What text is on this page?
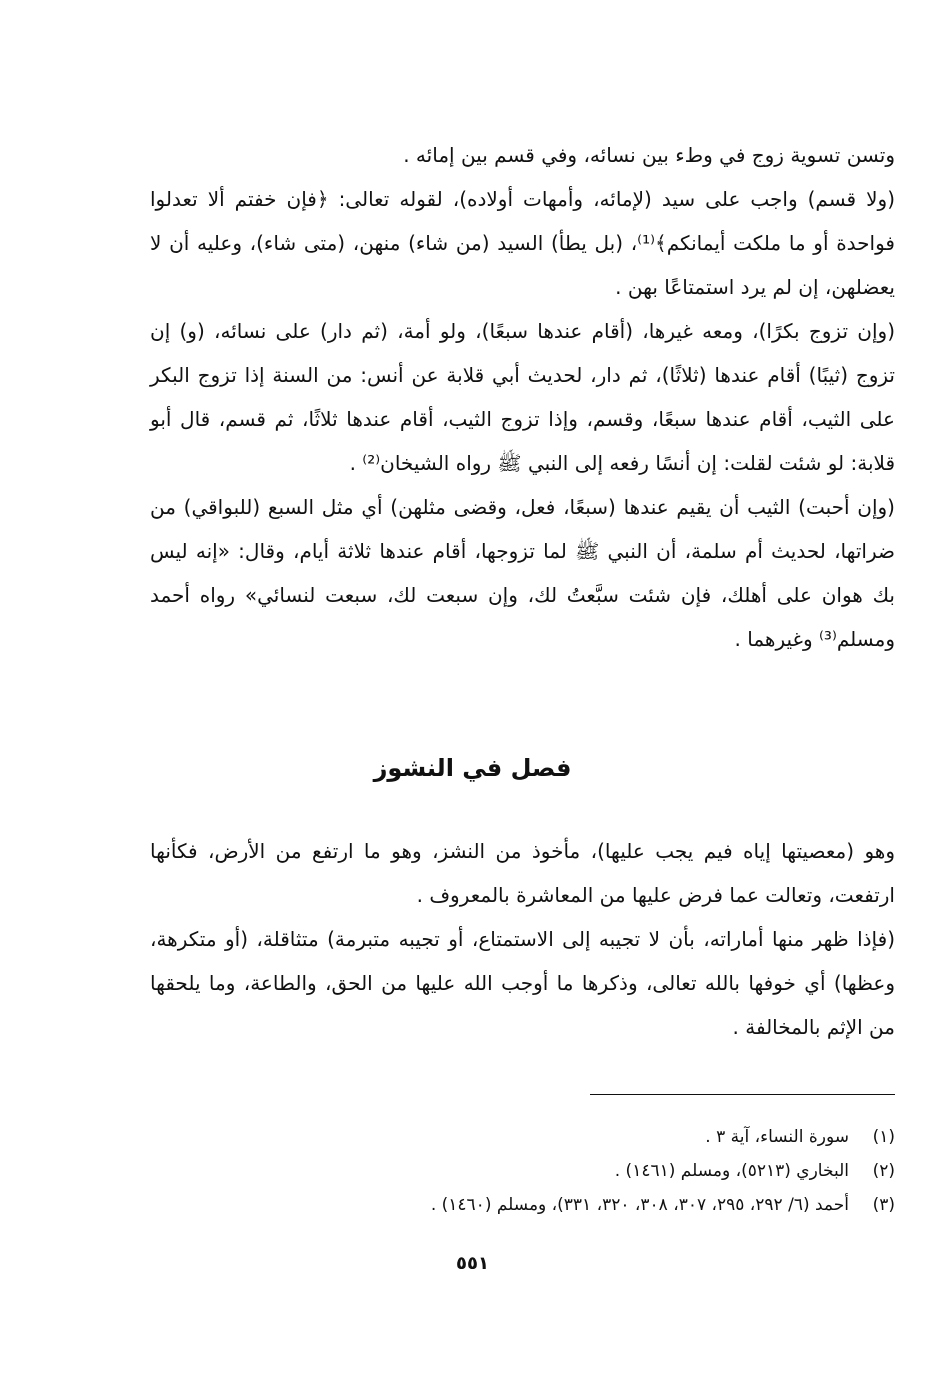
وتسن تسوية زوج في وطء بين نسائه، وفي قسم بين إمائه .

(ولا قسم) واجب على سيد (لإمائه، وأمهات أولاده)، لقوله تعالى: ﴿فإن خفتم ألا تعدلوا فواحدة أو ما ملكت أيمانكم﴾⁽¹⁾، (بل يطأ) السيد (من شاء) منهن، (متى شاء)، وعليه أن لا يعضلهن، إن لم يرد استمتاعًا بهن .

(وإن تزوج بكرًا)، ومعه غيرها، (أقام عندها سبعًا)، ولو أمة، (ثم دار) على نسائه، (و) إن تزوج (ثيبًا) أقام عندها (ثلاثًا)، ثم دار، لحديث أبي قلابة عن أنس: من السنة إذا تزوج البكر على الثيب، أقام عندها سبعًا، وقسم، وإذا تزوج الثيب، أقام عندها ثلاثًا، ثم قسم، قال أبو قلابة: لو شئت لقلت: إن أنسًا رفعه إلى النبي ﷺ رواه الشيخان⁽²⁾ .

(وإن أحبت) الثيب أن يقيم عندها (سبعًا، فعل، وقضى مثلهن) أي مثل السبع (للبواقي) من ضراتها، لحديث أم سلمة، أن النبي ﷺ لما تزوجها، أقام عندها ثلاثة أيام، وقال: «إنه ليس بك هوان على أهلك، فإن شئت سبَّعتُ لك، وإن سبعت لك، سبعت لنسائي» رواه أحمد ومسلم⁽³⁾ وغيرهما .

فصل في النشوز

وهو (معصيتها إياه فيم يجب عليها)، مأخوذ من النشز، وهو ما ارتفع من الأرض، فكأنها ارتفعت، وتعالت عما فرض عليها من المعاشرة بالمعروف .

(فإذا ظهر منها أماراته، بأن لا تجيبه إلى الاستمتاع، أو تجيبه متبرمة) متثاقلة، (أو متكرهة، وعظها) أي خوفها بالله تعالى، وذكرها ما أوجب الله عليها من الحق، والطاعة، وما يلحقها من الإثم بالمخالفة .

(١)
سورة النساء، آية ٣ .
(٢)
البخاري (٥٢١٣)، ومسلم (١٤٦١) .
(٣)
أحمد (٦/ ٢٩٢، ٢٩٥، ٣٠٧، ٣٠٨، ٣٢٠، ٣٣١)، ومسلم (١٤٦٠) .
٥٥١
